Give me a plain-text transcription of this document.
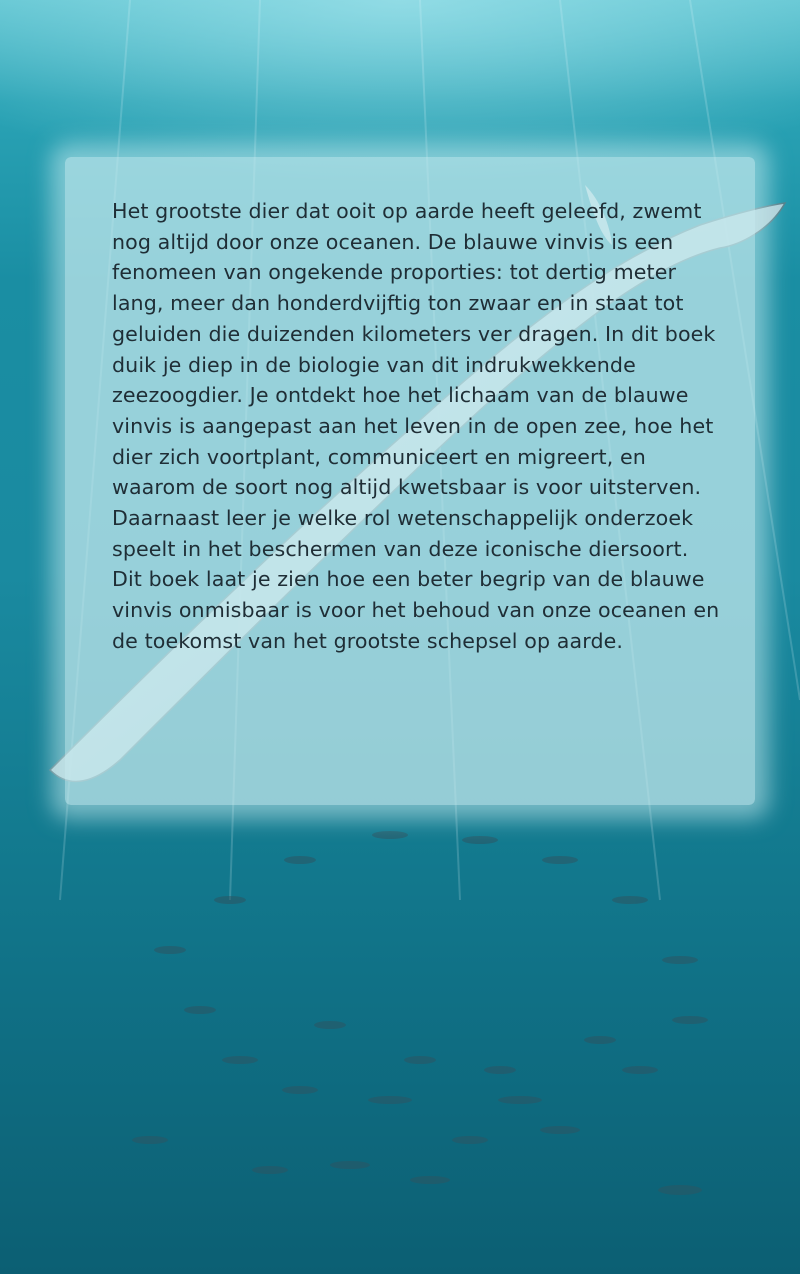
Het grootste dier dat ooit op aarde heeft geleefd, zwemt nog altijd door onze oceanen. De blauwe vinvis is een fenomeen van ongekende proporties: tot dertig meter lang, meer dan honderdvijftig ton zwaar en in staat tot geluiden die duizenden kilometers ver dragen. In dit boek duik je diep in de biologie van dit indrukwekkende zeezoogdier. Je ontdekt hoe het lichaam van de blauwe vinvis is aangepast aan het leven in de open zee, hoe het dier zich voortplant, communiceert en migreert, en waarom de soort nog altijd kwetsbaar is voor uitsterven. Daarnaast leer je welke rol wetenschappelijk onderzoek speelt in het beschermen van deze iconische diersoort. Dit boek laat je zien hoe een beter begrip van de blauwe vinvis onmisbaar is voor het behoud van onze oceanen en de toekomst van het grootste schepsel op aarde.
